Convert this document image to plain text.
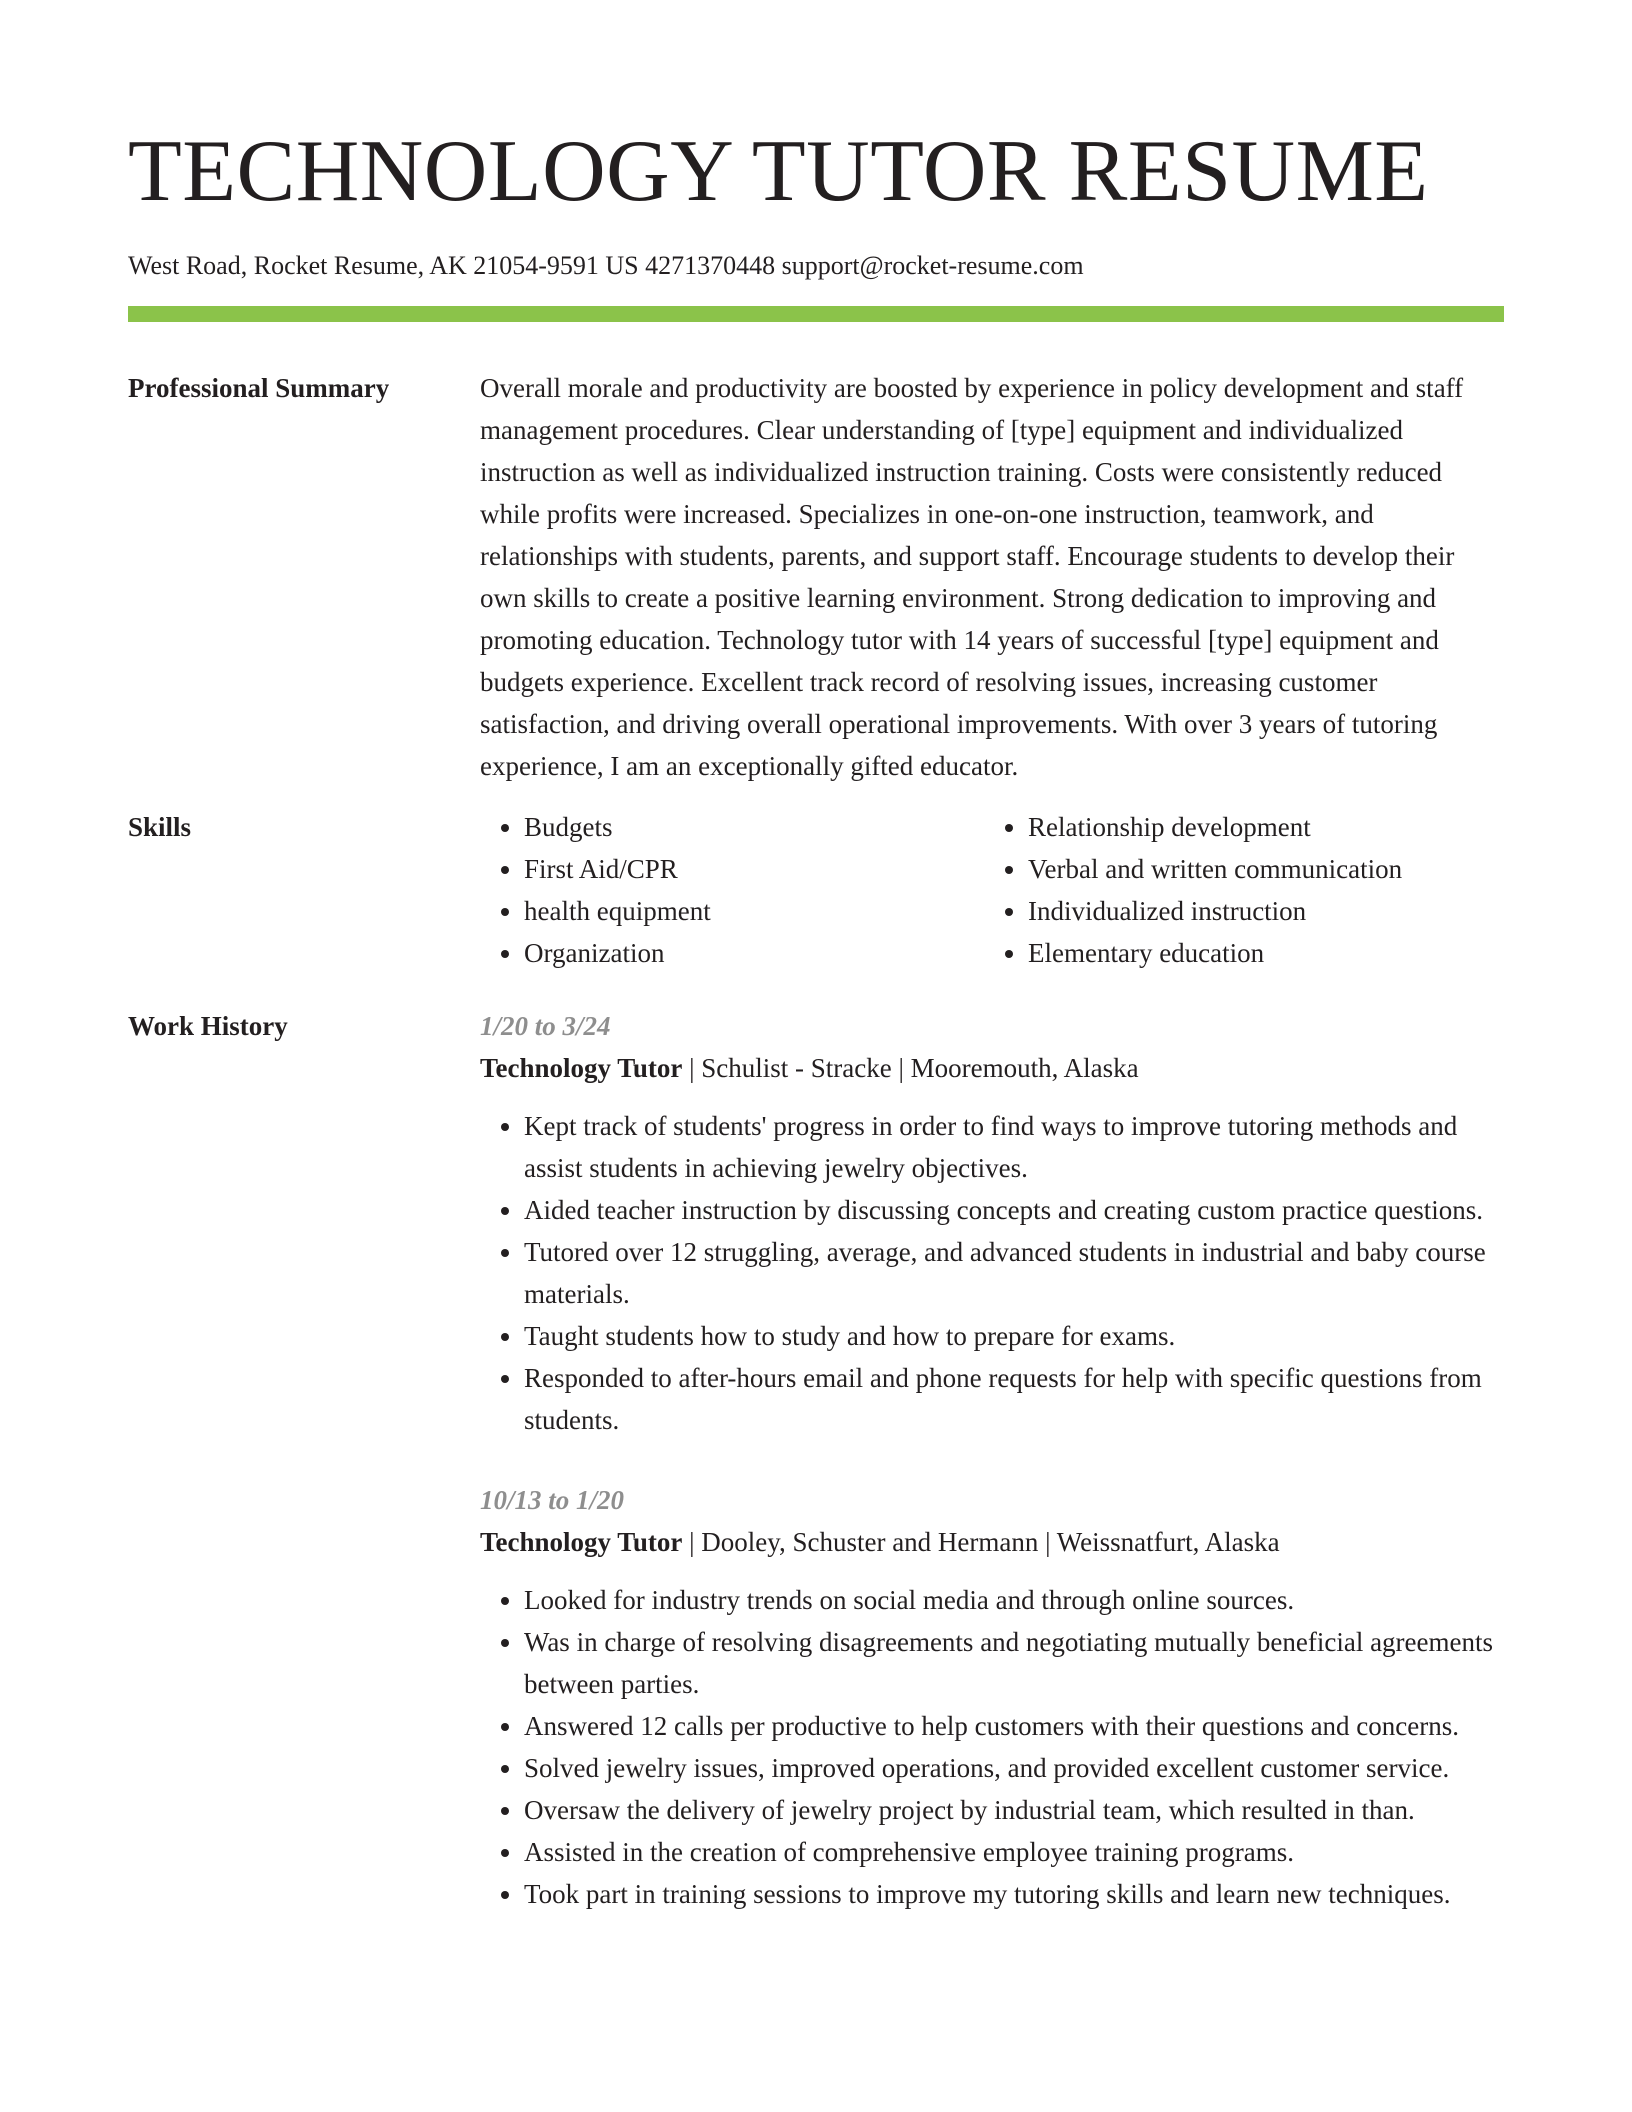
TECHNOLOGY TUTOR RESUME
West Road, Rocket Resume, AK 21054-9591 US 4271370448 support@rocket-resume.com
Professional Summary	Overall morale and productivity are boosted by experience in policy development and staff management procedures. Clear understanding of [type] equipment and individualized instruction as well as individualized instruction training. Costs were consistently reduced while profits were increased. Specializes in one-on-one instruction, teamwork, and relationships with students, parents, and support staff. Encourage students to develop their own skills to create a positive learning environment. Strong dedication to improving and promoting education. Technology tutor with 14 years of successful [type] equipment and budgets experience. Excellent track record of resolving issues, increasing customer satisfaction, and driving overall operational improvements. With over 3 years of tutoring experience, I am an exceptionally gifted educator.

Skills
•	Budgets
• First Aid/CPR
• health equipment
• Organization
• Relationship development
• Verbal and written communication
• Individualized instruction
• Elementary education
Work History	1/20 to 3/24
Technology Tutor | Schulist - Stracke | Mooremouth, Alaska
• Kept track of students' progress in order to find ways to improve tutoring methods and assist students in achieving jewelry objectives.
• Aided teacher instruction by discussing concepts and creating custom practice questions.
• Tutored over 12 struggling, average, and advanced students in industrial and baby course materials.
• Taught students how to study and how to prepare for exams.
• Responded to after-hours email and phone requests for help with specific questions from students.
10/13 to 1/20
Technology Tutor | Dooley, Schuster and Hermann | Weissnatfurt, Alaska
• Looked for industry trends on social media and through online sources.
• Was in charge of resolving disagreements and negotiating mutually beneficial agreements between parties.
• Answered 12 calls per productive to help customers with their questions and concerns.
• Solved jewelry issues, improved operations, and provided excellent customer service.
• Oversaw the delivery of jewelry project by industrial team, which resulted in than.
• Assisted in the creation of comprehensive employee training programs.
• Took part in training sessions to improve my tutoring skills and learn new techniques.
